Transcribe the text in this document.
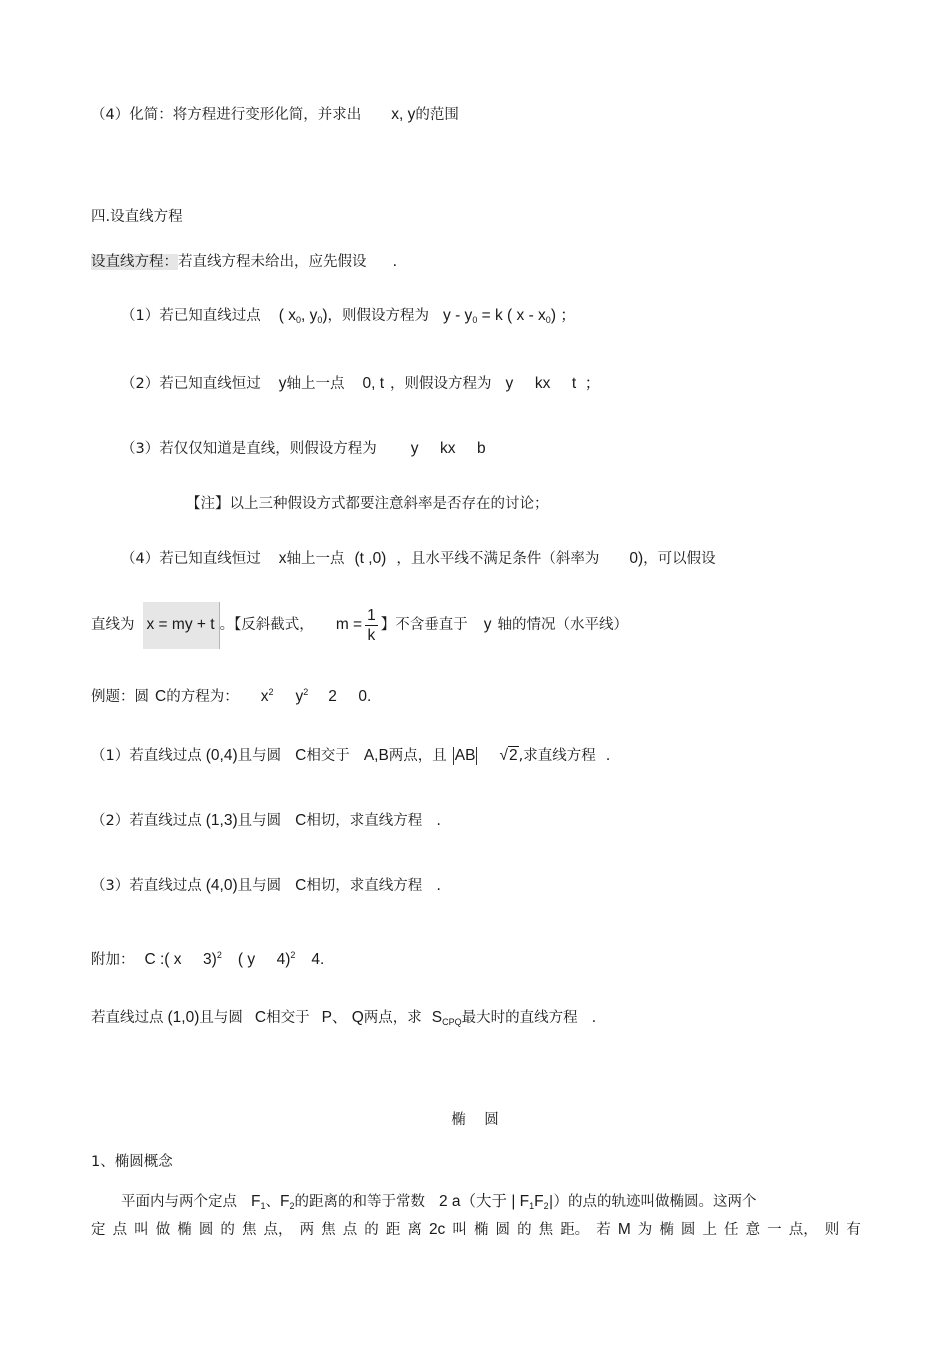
（4）化简：将方程进行变形化简，并求出 x, y的范围
四.设直线方程
设直线方程：若直线方程未给出，应先假设 .
（1）若已知直线过点 ( $x_0$, $y_0$)，则假设方程为 $y - y_0 = k$ ( x - $x_0$) ；
（2）若已知直线恒过 y轴上一点 0, t ，则假设方程为 y     kx     t  ；
（3）若仅仅知道是直线，则假设方程为 y     kx     b
【注】以上三种假设方式都要注意斜率是否存在的讨论；
（4）若已知直线恒过 x轴上一点 (t ,0) ，且水平线不满足条件（斜率为 0)，可以假设
直线为 x = my + t 。【反斜截式， $m = \frac{1}{k}$ 】不含垂直于 y 轴的情况（水平线）
例题：圆 C的方程为： $x^2$ $y^2$ 2     0.
（1）若直线过点 (0,4)且与圆 C相交于 A,B两点，且 AB √2,求直线方程 .
（2）若直线过点 (1,3)且与圆 C相切，求直线方程 .
（3）若直线过点 (4,0)且与圆 C相切，求直线方程 .
附加： C :( x     3)$^2$ ( y     4)$^2$ 4.
若直线过点 (1,0)且与圆 C相交于 P、 Q两点，求 $S_{CPQ}$最大时的直线方程 .
椭    圆
1、椭圆概念
平面内与两个定点 $F_1$、$F_2$的距离的和等于常数 2 a（大于 | $F_1F_2|$）的点的轨迹叫做椭圆。这两个
定 点 叫 做 椭 圆 的 焦 点， 两 焦 点 的 距 离 2c 叫 椭 圆 的 焦 距。 若 M 为 椭 圆 上 任 意 一 点， 则 有
